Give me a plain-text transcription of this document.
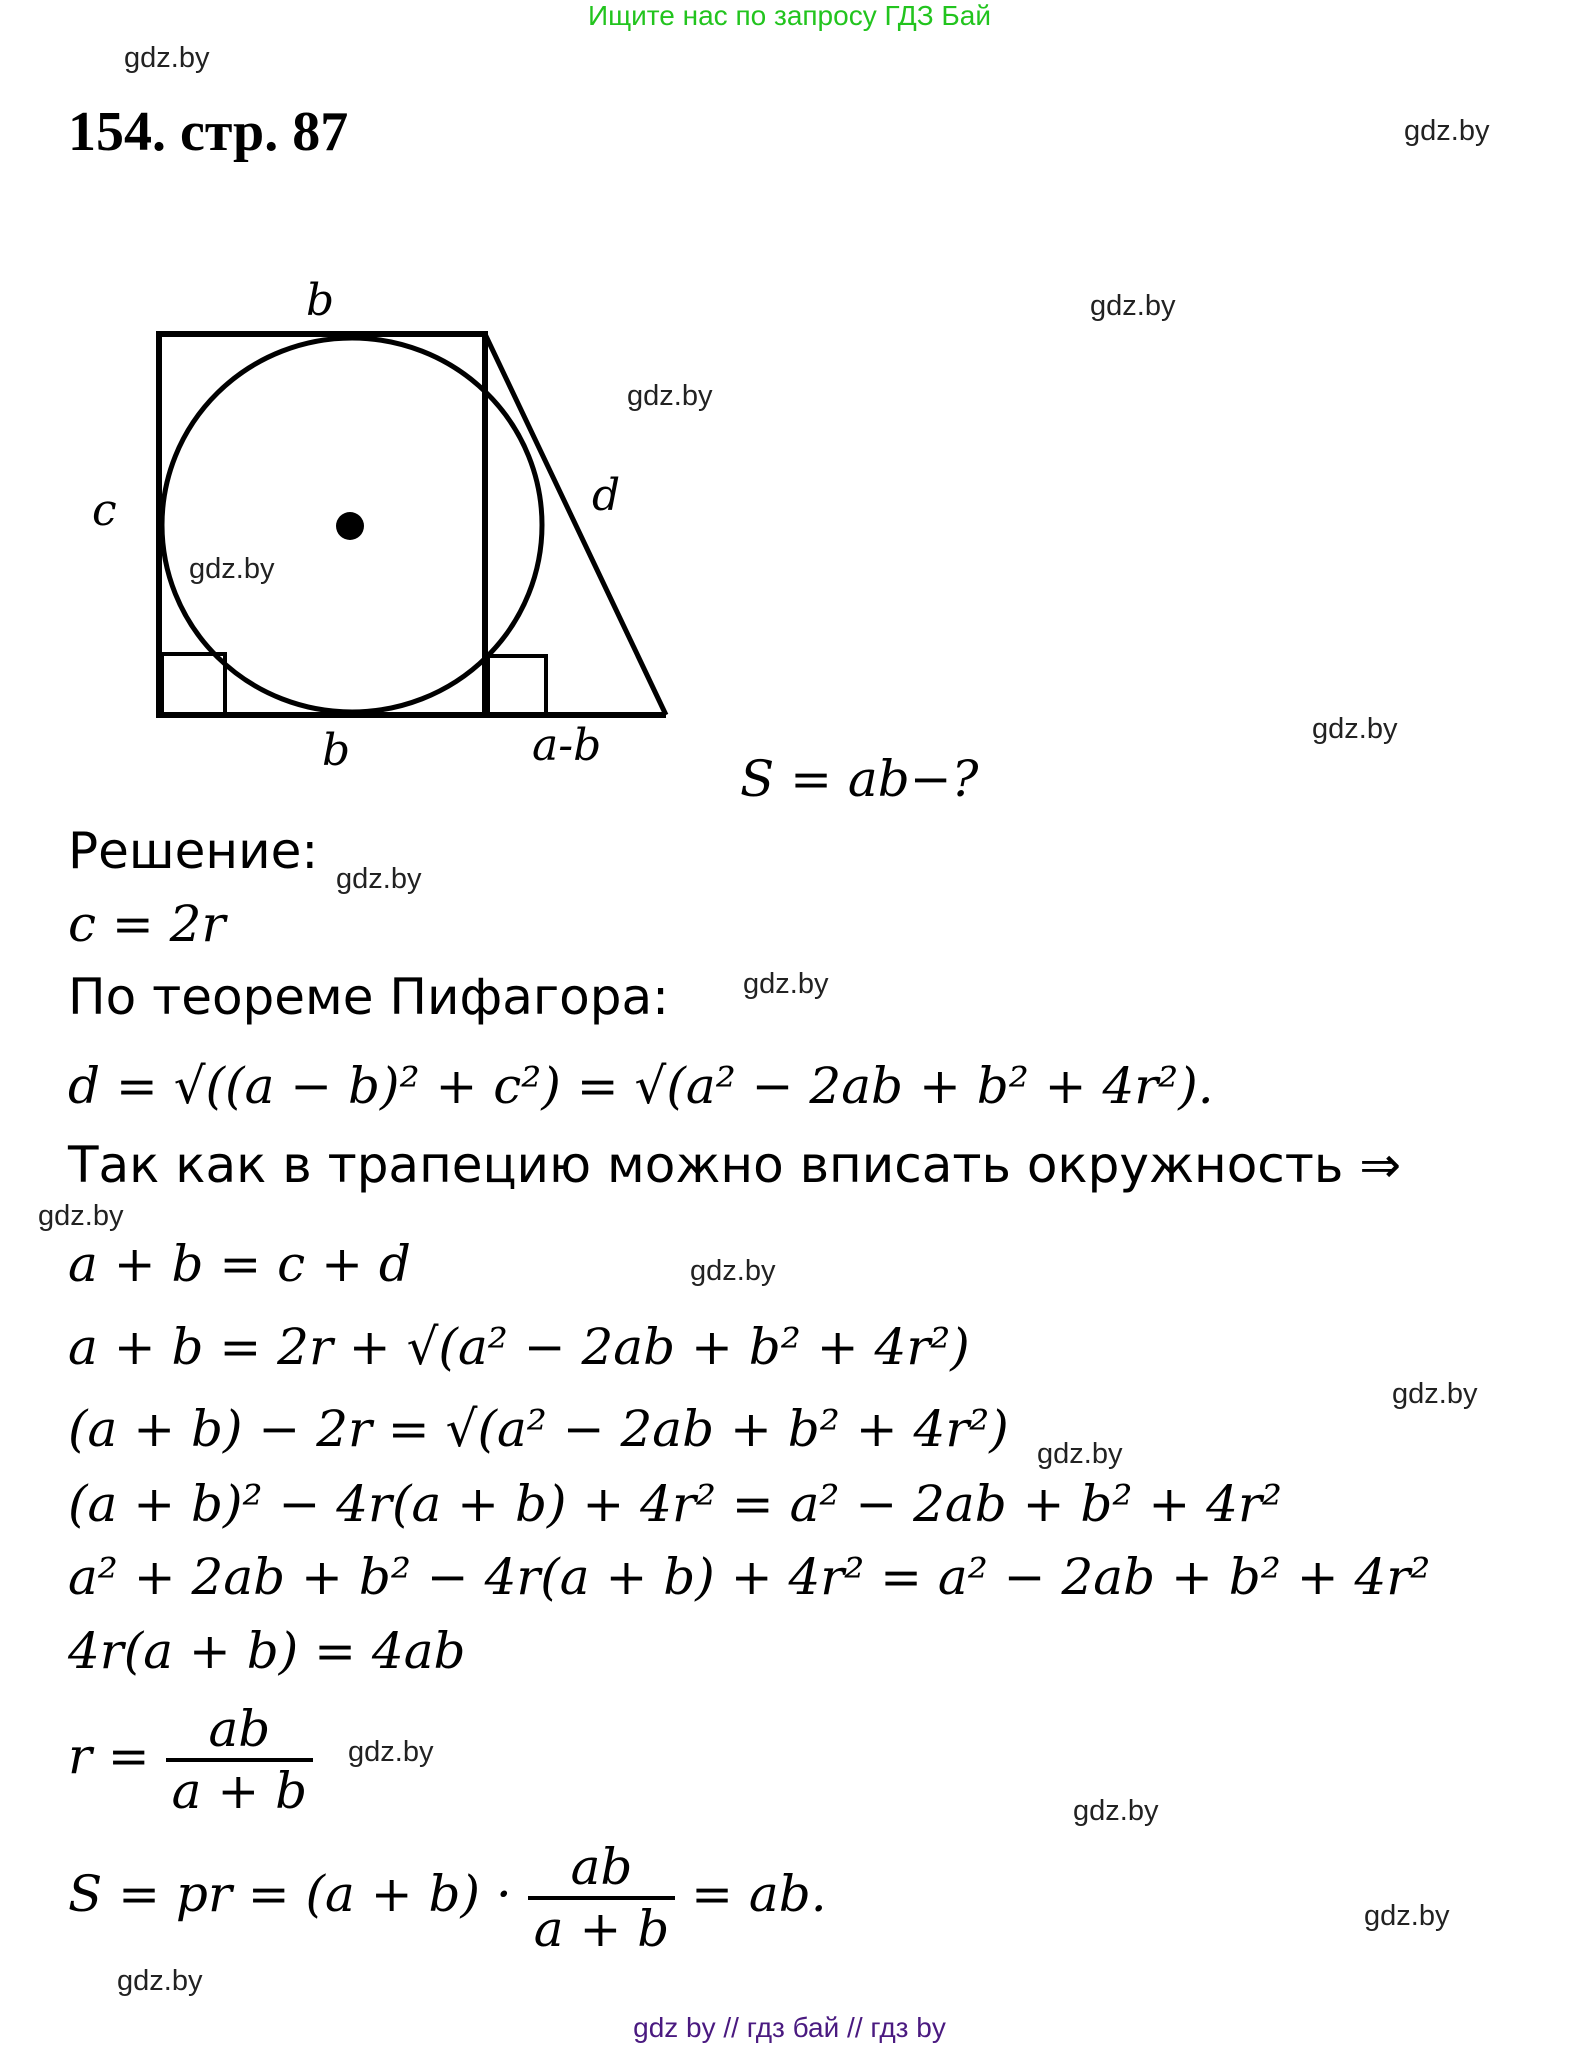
Ищите нас по запросу ГДЗ Бай
gdz.by
154. стр. 87	gdz.by
gdz.by
b
c	d
b	a-b
gdz.by
gdz.by
gdz.by
S = ab−?
Решение: gdz.by
c = 2r
По теореме Пифагора:	gdz.by
d = √((a − b)² + c²) = √(a² − 2ab + b² + 4r²).
Так как в трапецию можно вписать окружность ⇒
gdz.by
a + b = c + d	gdz.by
a + b = 2r + √(a² − 2ab + b² + 4r²)
gdz.by
(a + b) − 2r = √(a² − 2ab + b² + 4r²) gdz.by
(a + b)² − 4r(a + b) + 4r² = a² − 2ab + b² + 4r²
a² + 2ab + b² − 4r(a + b) + 4r² = a² − 2ab + b² + 4r²
4r(a + b) = 4ab
$r = \frac{ab}{a + b} gdz.by$
gdz.by
S = pr = $(a + b) \cdot \frac{ab}{a + b}$ = ab.	gdz.by
gdz.by
gdz by // гдз бай // гдз by
